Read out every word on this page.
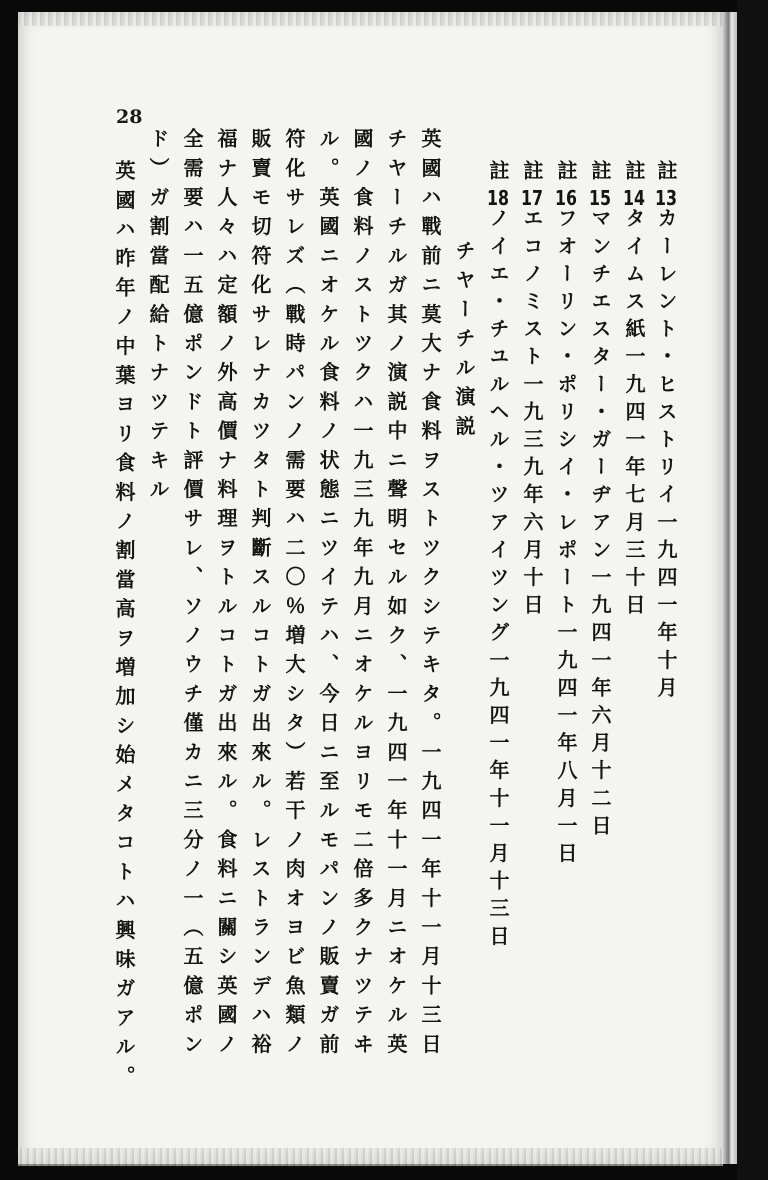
28
註13カーレント・ヒストリイ一九四一年十月
註14タイムス紙一九四一年七月三十日
註15マンチエスター・ガーヂアン一九四一年六月十二日
註16フオーリン・ポリシイ・レポート一九四一年八月一日
註17エコノミスト一九三九年六月十日
註18ノイエ・チユルヘル・ツアイツング一九四一年十一月十三日
チヤーチル演説
英國ハ戰前ニ莫大ナ食料ヲストツクシテキタ。一九四一年十一月十三日
チヤーチルガ其ノ演説中ニ聲明セル如ク、一九四一年十一月ニオケル英
國ノ食料ノストツクハ一九三九年九月ニオケルヨリモ二倍多クナツテヰ
ル。英國ニオケル食料ノ状態ニツイテハ、今日ニ至ルモパンノ販賣ガ前
符化サレズ（戰時パンノ需要ハ二〇％増大シタ）若干ノ肉オヨビ魚類ノ
販賣モ切符化サレナカツタト判斷スルコトガ出來ル。レストランデハ裕
福ナ人々ハ定額ノ外高價ナ料理ヲトルコトガ出來ル。食料ニ關シ英國ノ
全需要ハ一五億ポンドト評價サレ、ソノウチ僅カニ三分ノ一（五億ポン
ド）ガ割當配給トナツテキル
英國ハ昨年ノ中葉ヨリ食料ノ割當高ヲ増加シ始メタコトハ興味ガアル。
